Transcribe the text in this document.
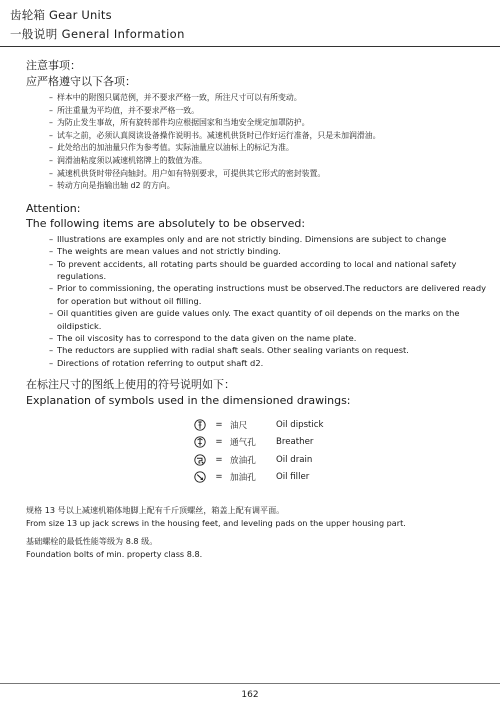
齿轮箱 Gear Units
一般说明 General Information

注意事项：

应严格遵守以下各项：

– 样本中的附图只属范例，并不要求严格一致，所注尺寸可以有所变动。
– 所注重量为平均值，并不要求严格一致。
– 为防止发生事故，所有旋转部件均应根据国家和当地安全规定加罩防护。
– 试车之前，必须认真阅读设备操作说明书。减速机供货时已作好运行准备，只是未加润滑油。
– 此处给出的加油量只作为参考值。实际油量应以油标上的标记为准。
– 润滑油粘度须以减速机铭牌上的数值为准。
– 减速机供货时带径向轴封。用户如有特别要求，可提供其它形式的密封装置。
– 转动方向是指输出轴 d2 的方向。

Attention:

The following items are absolutely to be observed:

– Illustrations are examples only and are not strictly binding. Dimensions are subject to change
– The weights are mean values and not strictly binding.
– To prevent accidents, all rotating parts should be guarded according to local and national safety regulations.
– Prior to commissioning, the operating instructions must be observed.The reductors are delivered ready for operation but without oil filling.
– Oil quantities given are guide values only. The exact quantity of oil depends on the marks on the oildipstick.
– The oil viscosity has to correspond to the data given on the name plate.
– The reductors are supplied with radial shaft seals. Other sealing variants on request.
– Directions of rotation referring to output shaft d2.

在标注尺寸的图纸上使用的符号说明如下：

Explanation of symbols used in the dimensioned drawings:

= 油尺	Oil dipstick
= 通气孔	Breather
= 放油孔	Oil drain
= 加油孔	Oil filler

规格 13 号以上减速机箱体地脚上配有千斤顶螺丝，箱盖上配有调平面。

From size 13 up jack screws in the housing feet, and leveling pads on the upper housing part.

基础螺栓的最低性能等级为 8.8 级。

Foundation bolts of min. property class 8.8.

162
